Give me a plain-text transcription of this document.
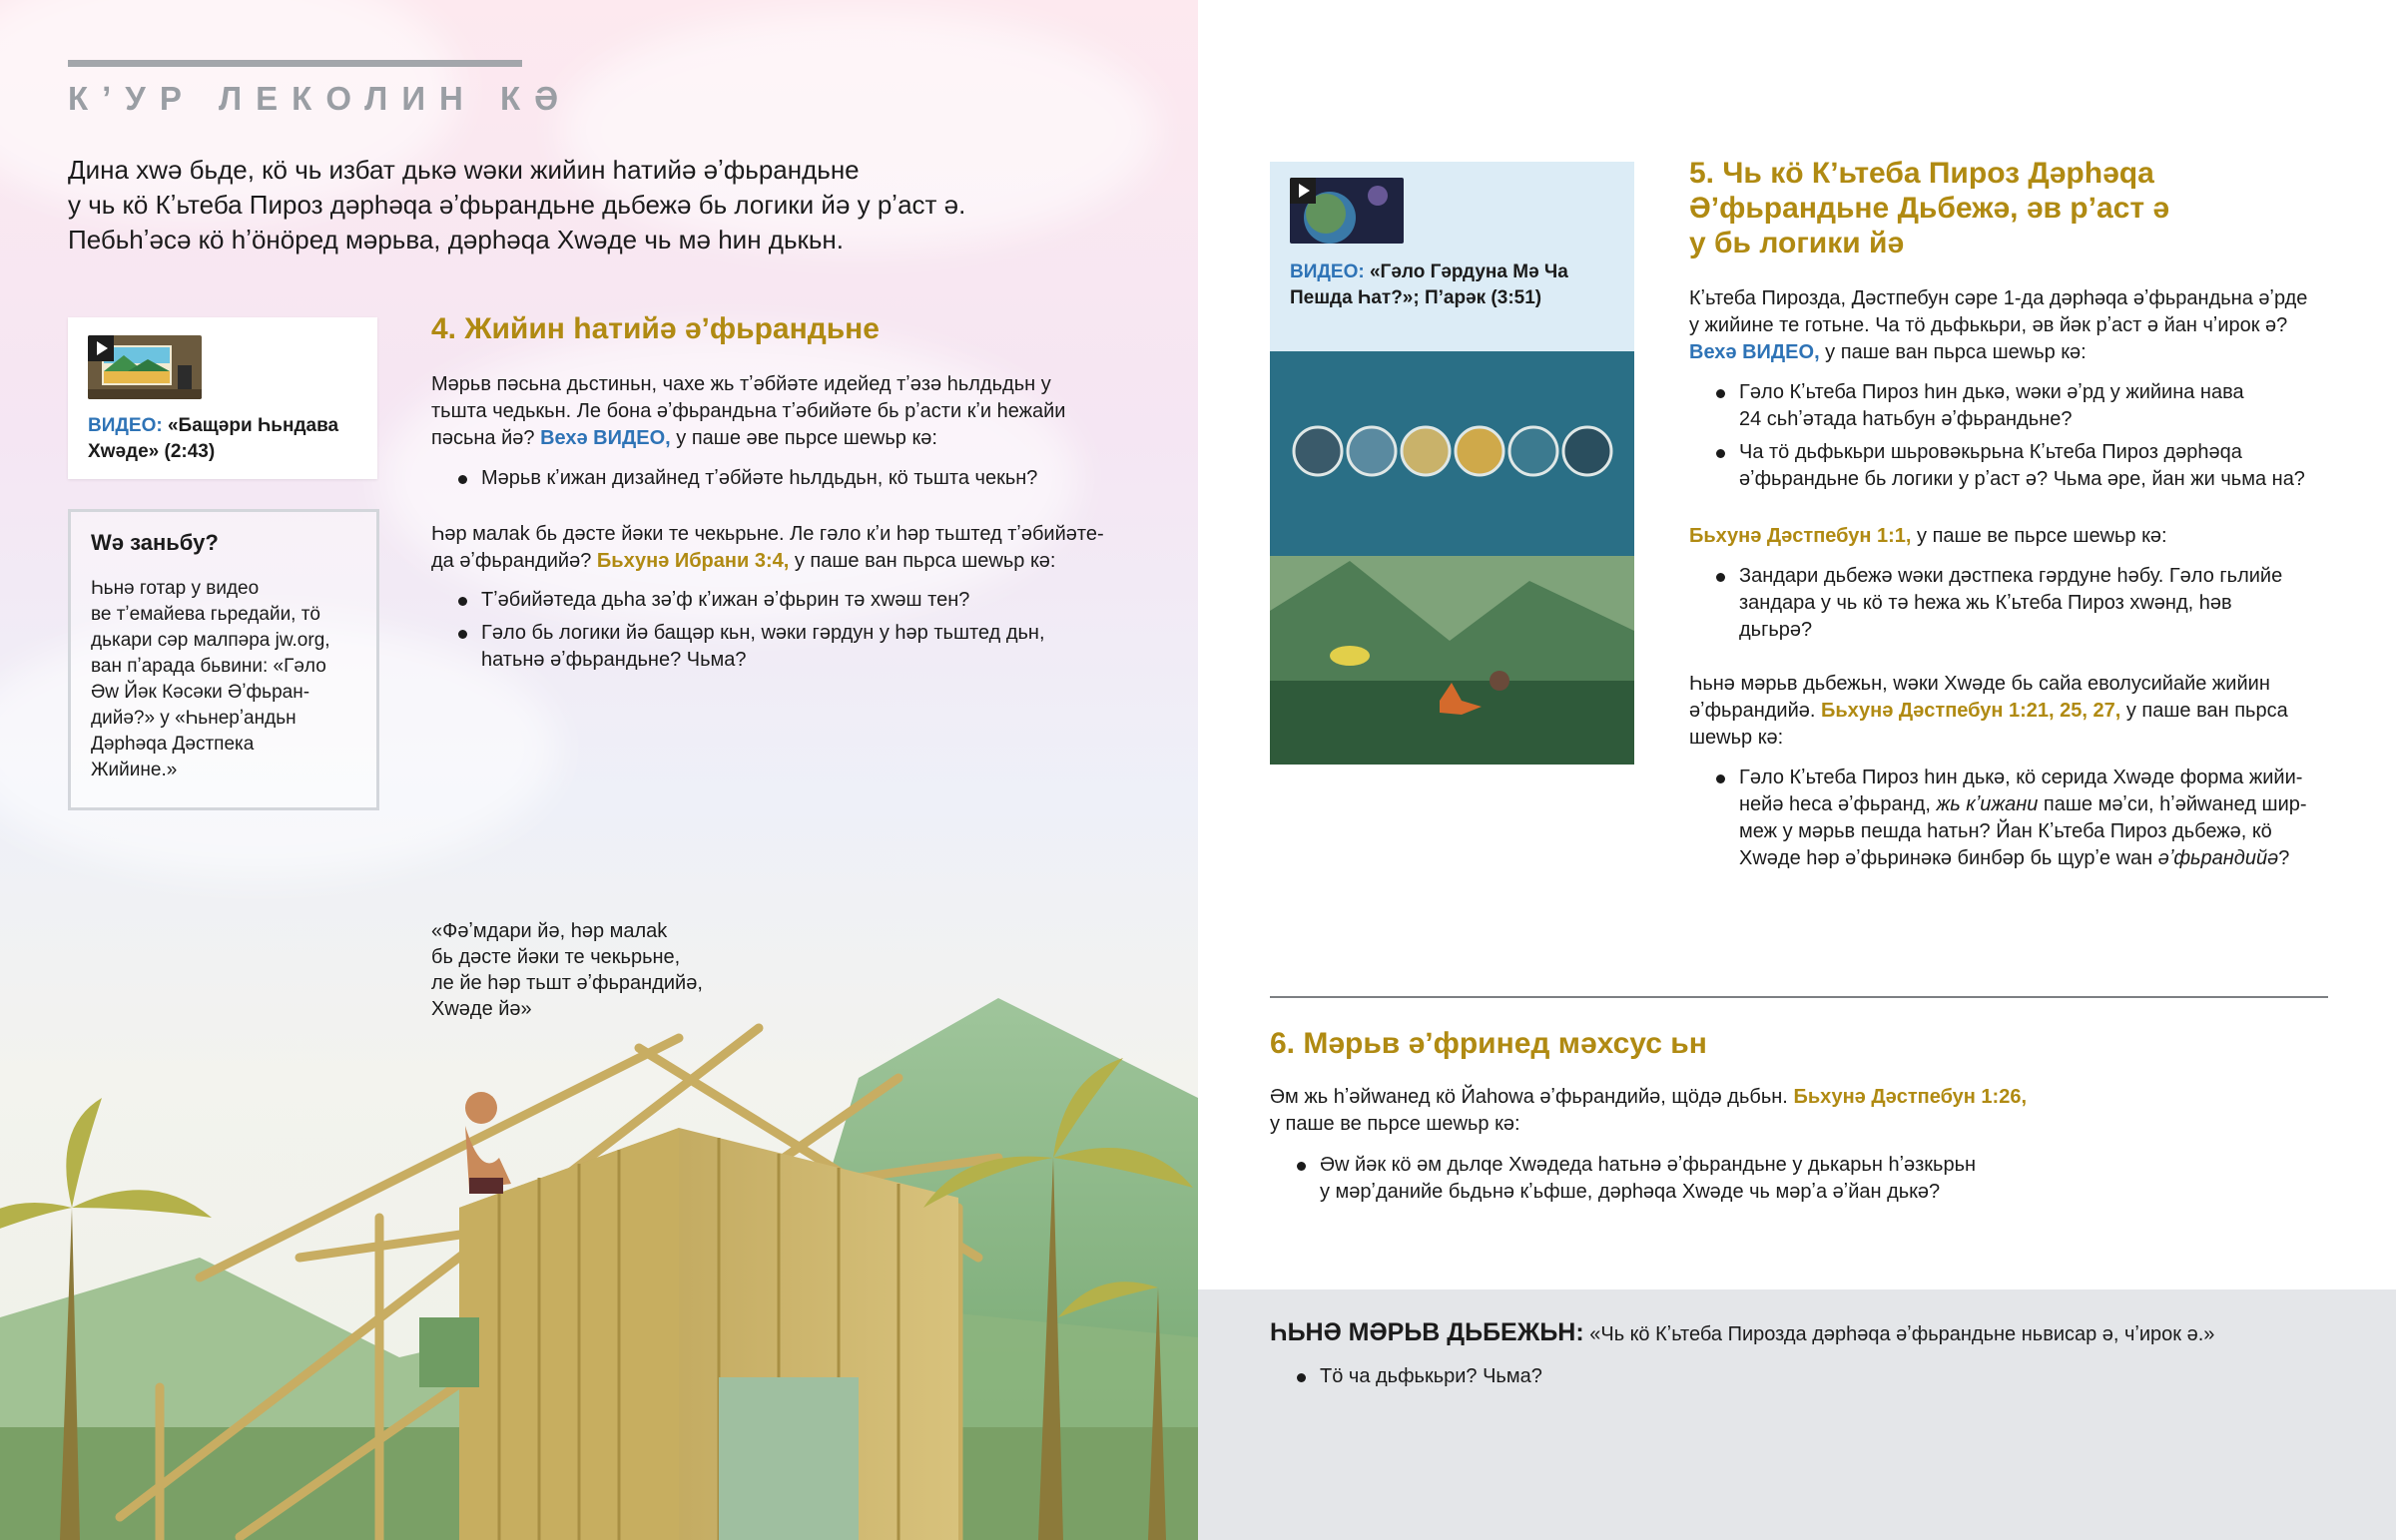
КʼУР ЛЕКОЛИН КӘ
Дина хwә бьде, кӧ чь избат дькә wәки жийин һатийә әʼфьрандьне
у чь кӧ Кʼьтеба Пироз дәрһәqа әʼфьрандьне дьбежә бь логики йә у рʼаст ә.
Пебьһʼәсә кӧ һʼӧнӧред мәрьва, дәрһәqа Хwәде чь мә һин дькьн.
ВИДЕО: «Бащәри Һьндава
Хwәде» (2:43)
Wә заньбу?
Һьнә готар у видео
ве тʼемайева гьредайи, тӧ
дькари сәр малпәра jw.org,
ван пʼарада бьвини: «Гәло
Әw Йәк Кәсәки Әʼфьран-
дийә?» у «Һьнерʼандьн
Дәрһәqа Дәстпека
Жийине.»
4. Жийин һатийә әʼфьрандьне
Мәрьв пәсьна дьстиньн, чахе жь тʼәбйәте идейед тʼәзә һьлдьдьн у
тьшта чедькьн. Ле бона әʼфьрандьна тʼәбийәте бь рʼасти кʼи һежайи
пәсьна йә? Вехә ВИДЕО, у паше әве пьрсе шеwьр кә:
Мәрьв кʼижан дизайнед тʼәбйәте һьлдьдьн, кӧ тьшта чекьн?
Һәр малаk бь дәсте йәки те чекьрьне. Ле гәло кʼи һәр тьштед тʼәбийәте-
да әʼфьрандийә? Бьхунә Ибрани 3:4, у паше ван пьрса шеwьр кә:
Тʼәбийәтеда дьһа зәʼф кʼижан әʼфьрин тә хwәш тен?
Гәло бь логики йә бащәр кьн, wәки гәрдун у һәр тьштед дьн,
һатьнә әʼфьрандьне? Чьма?
«Фәʼмдари йә, һәр малаk
бь дәсте йәки те чекьрьне,
ле йе һәр тьшт әʼфьрандийә,
Хwәде йә»
ВИДЕО: «Гәло Гәрдуна Мә Ча
Пешда Һат?»; Пʼарәк (3:51)
5. Чь кӧ Кʼьтеба Пироз Дәрһәqа
Әʼфьрандьне Дьбежә, әв рʼаст ә
у бь логики йә
Кʼьтеба Пирозда, Дәстпебун сәре 1-да дәрһәqа әʼфьрандьна әʼрде
у жийине те готьне. Ча тӧ дьфькьри, әв йәк рʼаст ә йан чʼирок ә?
Вехә ВИДЕО, у паше ван пьрса шеwьр кә:
Гәло Кʼьтеба Пироз һин дькә, wәки әʼрд у жийина нава
24 сьһʼәтада һатьбун әʼфьрандьне?
Ча тӧ дьфькьри шьровәкьрьна Кʼьтеба Пироз дәрһәqа
әʼфьрандьне бь логики у рʼаст ә? Чьма әре, йан жи чьма на?
Бьхунә Дәстпебун 1:1, у паше ве пьрсе шеwьр кә:
Зандари дьбежә wәки дәстпека гәрдуне һәбу. Гәло гьлийе
зандара у чь кӧ тә һежа жь Кʼьтеба Пироз хwәнд, һәв
дьгьрә?
Һьнә мәрьв дьбежьн, wәки Хwәде бь сайа еволусийайе жийин
әʼфьрандийә. Бьхунә Дәстпебун 1:21, 25, 27, у паше ван пьрса
шеwьр кә:
Гәло Кʼьтеба Пироз һин дькә, кӧ серида Хwәде форма жийи-
нейә һеса әʼфьранд, жь кʼижани паше мәʼси, һʼәйwанед шир-
меж у мәрьв пешда һатьн? Йан Кʼьтеба Пироз дьбежә, кӧ
Хwәде һәр әʼфьринәкә бинбәр бь щурʼе wан әʼфьрандийә?
6. Мәрьв әʼфринед мәхсус ьн
Әм жь һʼәйwанед кӧ Йаһоwа әʼфьрандийә, щӧдә дьбьн. Бьхунә Дәстпебун 1:26,
у паше ве пьрсе шеwьр кә:
Әw йәк кӧ әм дьлqе Хwәдеда һатьнә әʼфьрандьне у дькарьн һʼәзкьрьн
у мәрʼданийе бьдьнә кʼьфше, дәрһәqа Хwәде чь мәрʼа әʼйан дькә?
ҺЬНӘ МӘРЬВ ДЬБЕЖЬН: «Чь кӧ Кʼьтеба Пирозда дәрһәqа әʼфьрандьне ньвисар ә, чʼирок ә.»
Тӧ ча дьфькьри? Чьма?
